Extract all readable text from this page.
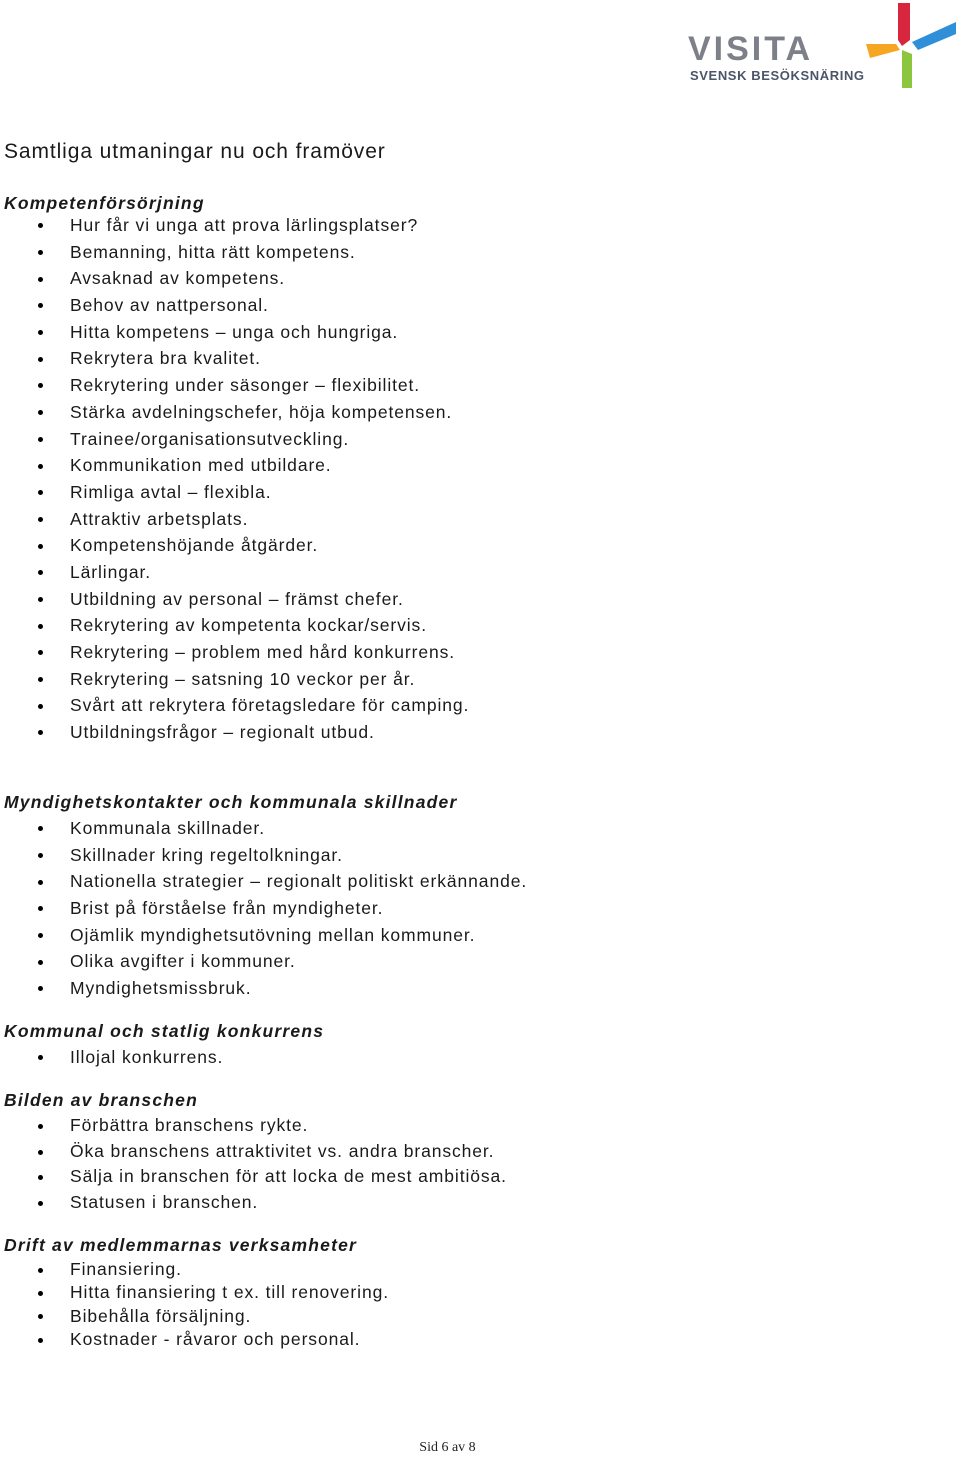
VISITA
SVENSK BESÖKSNÄRING
Samtliga utmaningar nu och framöver
Kompetenförsörjning
Hur får vi unga att prova lärlingsplatser?
Bemanning, hitta rätt kompetens.
Avsaknad av kompetens.
Behov av nattpersonal.
Hitta kompetens – unga och hungriga.
Rekrytera bra kvalitet.
Rekrytering under säsonger – flexibilitet.
Stärka avdelningschefer, höja kompetensen.
Trainee/organisationsutveckling.
Kommunikation med utbildare.
Rimliga avtal – flexibla.
Attraktiv arbetsplats.
Kompetenshöjande åtgärder.
Lärlingar.
Utbildning av personal – främst chefer.
Rekrytering av kompetenta kockar/servis.
Rekrytering – problem med hård konkurrens.
Rekrytering – satsning 10 veckor per år.
Svårt att rekrytera företagsledare för camping.
Utbildningsfrågor – regionalt utbud.
Myndighetskontakter och kommunala skillnader
Kommunala skillnader.
Skillnader kring regeltolkningar.
Nationella strategier – regionalt politiskt erkännande.
Brist på förståelse från myndigheter.
Ojämlik myndighetsutövning mellan kommuner.
Olika avgifter i kommuner.
Myndighetsmissbruk.
Kommunal och statlig konkurrens
Illojal konkurrens.
Bilden av branschen
Förbättra branschens rykte.
Öka branschens attraktivitet vs. andra branscher.
Sälja in branschen för att locka de mest ambitiösa.
Statusen i branschen.
Drift av medlemmarnas verksamheter
Finansiering.
Hitta finansiering t ex. till renovering.
Bibehålla försäljning.
Kostnader - råvaror och personal.
Sid 6 av 8
